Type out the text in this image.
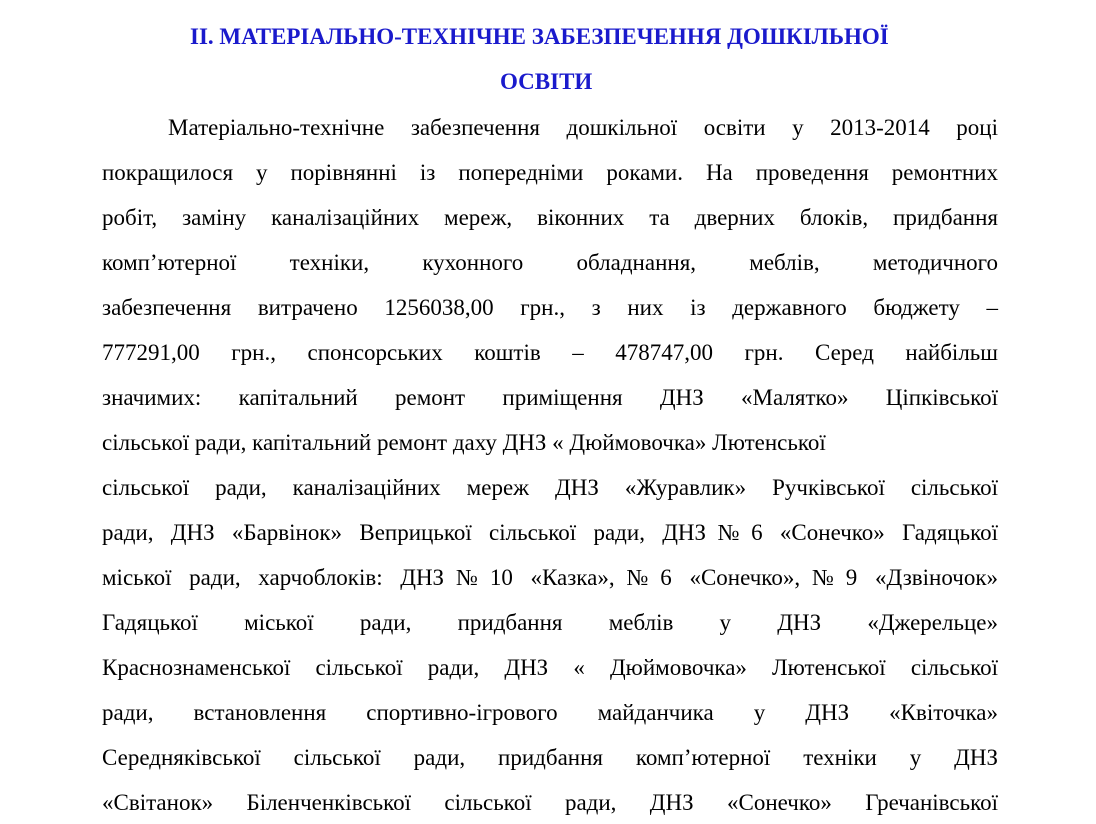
ІІ. МАТЕРІАЛЬНО-ТЕХНІЧНЕ ЗАБЕЗПЕЧЕННЯ ДОШКІЛЬНОЇ
ОСВІТИ
Матеріально-технічне забезпечення дошкільної освіти у 2013-2014 році
покращилося у порівнянні із попередніми роками. На проведення ремонтних
робіт, заміну каналізаційних мереж, віконних та дверних блоків, придбання
комп’ютерної техніки, кухонного обладнання, меблів, методичного
забезпечення витрачено 1256038,00 грн., з них із державного бюджету –
777291,00 грн., спонсорських коштів – 478747,00 грн. Серед найбільш
значимих: капітальний ремонт приміщення ДНЗ «Малятко» Ціпківської
сільської ради, капітальний ремонт даху ДНЗ « Дюймовочка» Лютенської
сільської ради, каналізаційних мереж ДНЗ «Журавлик» Ручківської сільської
ради, ДНЗ «Барвінок» Веприцької сільської ради, ДНЗ№6 «Сонечко» Гадяцької
міської ради, харчоблоків: ДНЗ№10 «Казка»,№6 «Сонечко»,№9 «Дзвіночок»
Гадяцької міської ради, придбання меблів у ДНЗ «Джерельце»
Краснознаменської сільської ради, ДНЗ « Дюймовочка» Лютенської сільської
ради, встановлення спортивно-ігрового майданчика у ДНЗ «Квіточка»
Середняківської сільської ради, придбання комп’ютерної техніки у ДНЗ
«Світанок» Біленченківської сільської ради, ДНЗ «Сонечко» Гречанівської
